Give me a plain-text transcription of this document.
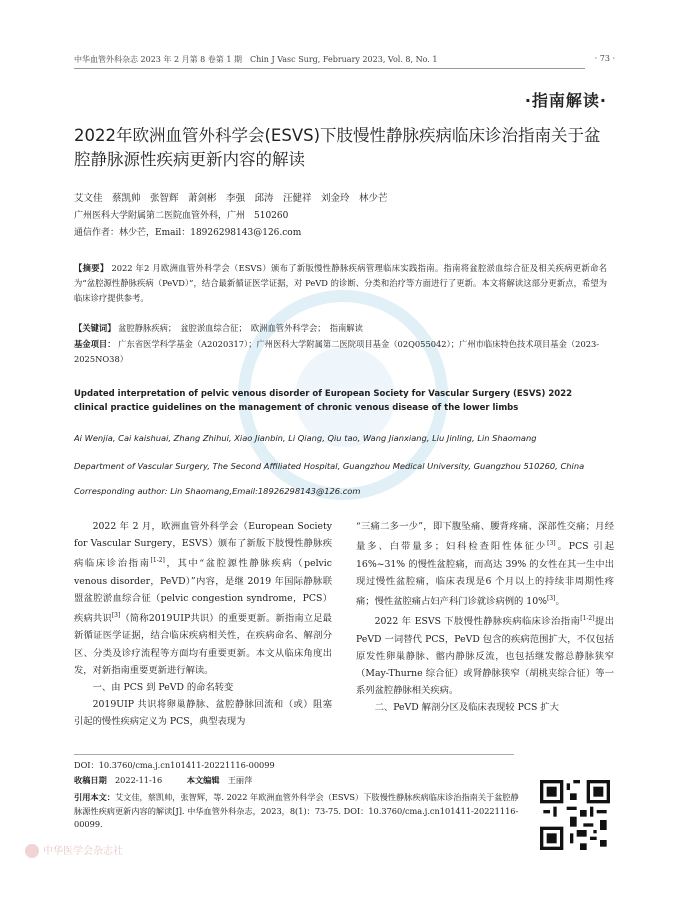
中华血管外科杂志 2023 年 2 月第 8 卷第 1 期　Chin J Vasc Surg, February 2023, Vol. 8, No. 1	· 73 ·
·指南解读·
2022年欧洲血管外科学会(ESVS)下肢慢性静脉疾病临床诊治指南关于盆腔静脉源性疾病更新内容的解读
艾文佳　蔡凯帅　张智辉　萧剑彬　李强　邱涛　汪健祥　刘金玲　林少芒
广州医科大学附属第二医院血管外科，广州　510260
通信作者：林少芒，Email：18926298143@126.com
【摘要】 2022 年2 月欧洲血管外科学会（ESVS）颁布了新版慢性静脉疾病管理临床实践指南。指南将盆腔淤血综合征及相关疾病更新命名为“盆腔源性静脉疾病（PeVD）”，结合最新循证医学证据，对 PeVD 的诊断、分类和治疗等方面进行了更新。本文将解读这部分更新点，希望为临床诊疗提供参考。
【关键词】 盆腔静脉疾病；　盆腔淤血综合征；　欧洲血管外科学会；　指南解读
基金项目： 广东省医学科学基金（A2020317）；广州医科大学附属第二医院项目基金（02Q055042）；广州市临床特色技术项目基金（2023-2025NO38）
Updated interpretation of pelvic venous disorder of European Society for Vascular Surgery (ESVS) 2022 clinical practice guidelines on the management of chronic venous disease of the lower limbs
Ai Wenjia, Cai kaishuai, Zhang Zhihui, Xiao Jianbin, Li Qiang, Qiu tao, Wang Jianxiang, Liu Jinling, Lin Shaomang
Department of Vascular Surgery, The Second Affiliated Hospital, Guangzhou Medical University, Guangzhou 510260, China
Corresponding author: Lin Shaomang,Email:18926298143@126.com

2022 年 2 月，欧洲血管外科学会（European Society for Vascular Surgery，ESVS）颁布了新版下肢慢性静脉疾病临床诊治指南[1-2]，其中“盆腔源性静脉疾病（pelvic venous disorder，PeVD）”内容，是继 2019 年国际静脉联盟盆腔淤血综合征（pelvic congestion syndrome，PCS）疾病共识[3]（简称2019UIP共识）的重要更新。新指南立足最新循证医学证据，结合临床疾病相关性，在疾病命名、解剖分区、分类及诊疗流程等方面均有重要更新。本文从临床角度出发，对新指南重要更新进行解读。

一、由 PCS 到 PeVD 的命名转变

2019UIP 共识将卵巢静脉、盆腔静脉回流和（或）阻塞引起的慢性疾病定义为 PCS，典型表现为

“三痛二多一少”，即下腹坠痛、腰背疼痛、深部性交痛；月经量多、白带量多；妇科检查阳性体征少[3]。PCS 引起 16%~31% 的慢性盆腔痛，而高达 39% 的女性在其一生中出现过慢性盆腔痛，临床表现是6 个月以上的持续非周期性疼痛；慢性盆腔痛占妇产科门诊就诊病例的 10%[3]。

2022 年 ESVS 下肢慢性静脉疾病临床诊治指南[1-2]提出 PeVD 一词替代 PCS，PeVD 包含的疾病范围扩大，不仅包括原发性卵巢静脉、髂内静脉反流，也包括继发髂总静脉狭窄（May-Thurne 综合征）或肾静脉狭窄（胡桃夹综合征）等一系列盆腔静脉相关疾病。

二、PeVD 解剖分区及临床表现较 PCS 扩大

DOI：10.3760/cma.j.cn101411-20221116-00099
收稿日期　 2022-11-16　　　	本文编辑　 王丽萍
引用本文：艾文佳，蔡凯帅，张智辉，等. 2022 年欧洲血管外科学会（ESVS）下肢慢性静脉疾病临床诊治指南关于盆腔静脉源性疾病更新内容的解读[J]. 中华血管外科杂志，2023，8(1)：73-75. DOI：10.3760/cma.j.cn101411-20221116-00099.
中华医学会杂志社
